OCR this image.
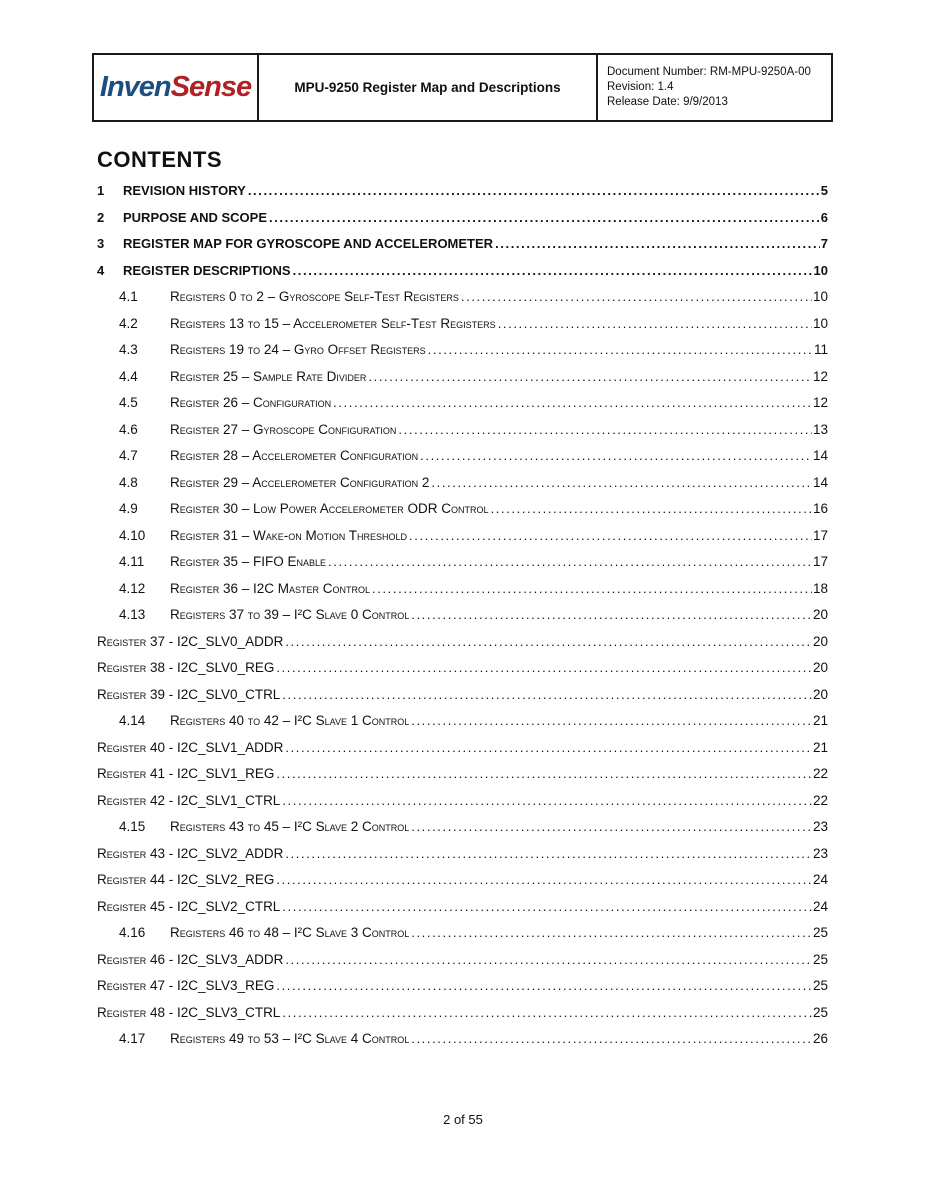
InvenSense	MPU-9250 Register Map and Descriptions
Document Number: RM-MPU-9250A-00
Revision: 1.4
Release Date: 9/9/2013
CONTENTS
1	REVISION HISTORY .....	5
2	PURPOSE AND SCOPE .....	6
3	REGISTER MAP FOR GYROSCOPE AND ACCELEROMETER .....	7
4	REGISTER DESCRIPTIONS .....	10
4.1	Registers 0 to 2 – Gyroscope Self-Test Registers .....	10
4.2	Registers 13 to 15 – Accelerometer Self-Test Registers .....	10
4.3	Registers 19 to 24 – Gyro Offset Registers .....	11
4.4	Register 25 – Sample Rate Divider .....	12
4.5	Register 26 – Configuration .....	12
4.6	Register 27 – Gyroscope Configuration .....	13
4.7	Register 28 – Accelerometer Configuration .....	14
4.8	Register 29 – Accelerometer Configuration 2 .....	14
4.9	Register 30 – Low Power Accelerometer ODR Control .....	16
4.10	Register 31 – Wake-on Motion Threshold .....	17
4.11	Register 35 – FIFO Enable .....	17
4.12	Register 36 – I2C Master Control .....	18
4.13	Registers 37 to 39 – I²C Slave 0 Control .....	20
Register 37 - I2C_SLV0_ADDR .....	20
Register 38 - I2C_SLV0_REG .....	20
Register 39 - I2C_SLV0_CTRL .....	20
4.14	Registers 40 to 42 – I²C Slave 1 Control .....	21
Register 40 - I2C_SLV1_ADDR .....	21
Register 41 - I2C_SLV1_REG .....	22
Register 42 - I2C_SLV1_CTRL .....	22
4.15	Registers 43 to 45 – I²C Slave 2 Control .....	23
Register 43 - I2C_SLV2_ADDR .....	23
Register 44 - I2C_SLV2_REG .....	24
Register 45 - I2C_SLV2_CTRL .....	24
4.16	Registers 46 to 48 – I²C Slave 3 Control .....	25
Register 46 - I2C_SLV3_ADDR .....	25
Register 47 - I2C_SLV3_REG .....	25
Register 48 - I2C_SLV3_CTRL .....	25
4.17	Registers 49 to 53 – I²C Slave 4 Control .....	26
2 of 55
